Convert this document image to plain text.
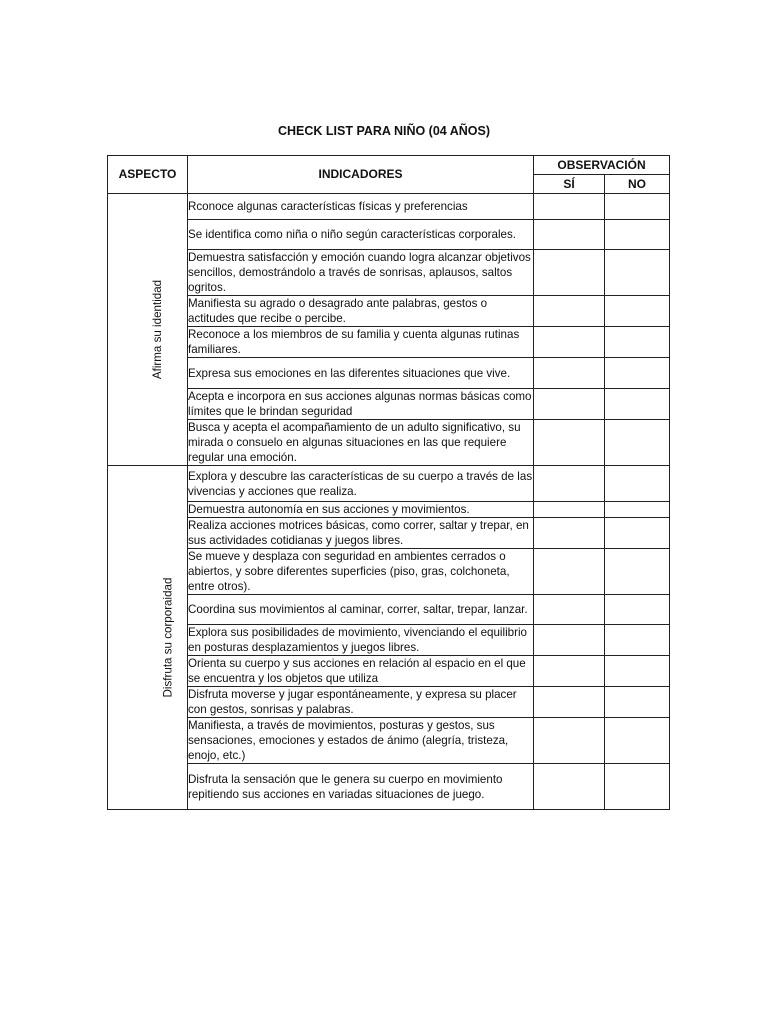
CHECK LIST PARA NIÑO (04 AÑOS)
ASPECTO	INDICADORES	OBSERVACIÓN	
		SÍ	NO
Afirma su identidad	Rconoce algunas características físicas y preferencias		
	Se identifica como niña o niño según características corporales.		
	Demuestra satisfacción y emoción cuando logra alcanzar objetivos sencillos, demostrándolo a través de sonrisas, aplausos, saltos ogritos.		
	Manifiesta su agrado o desagrado ante palabras, gestos o actitudes que recibe o percibe.		
	Reconoce a los miembros de su familia y cuenta algunas rutinas familiares.		
	Expresa sus emociones en las diferentes situaciones que vive.		
	Acepta e incorpora en sus acciones algunas normas básicas como límites que le brindan seguridad		
	Busca y acepta el acompañamiento de un adulto significativo, su mirada o consuelo en algunas situaciones en las que requiere regular una emoción.		
Disfruta su corporaidad	Explora y descubre las características de su cuerpo a través de las vivencias y acciones que realiza.		
	Demuestra autonomía en sus acciones y movimientos.		
	Realiza acciones motrices básicas, como correr, saltar y trepar, en sus actividades cotidianas y juegos libres.		
	Se mueve y desplaza con seguridad en ambientes cerrados o abiertos, y sobre diferentes superficies (piso, gras, colchoneta, entre otros).		
	Coordina sus movimientos al caminar, correr, saltar, trepar, lanzar.		
	Explora sus posibilidades de movimiento, vivenciando el equilibrio en posturas desplazamientos y juegos libres.		
	Orienta su cuerpo y sus acciones en relación al espacio en el que se encuentra y los objetos que utiliza		
	Disfruta moverse y jugar espontáneamente, y expresa su placer con gestos, sonrisas y palabras.		
	Manifiesta, a través de movimientos, posturas y gestos, sus sensaciones, emociones y estados de ánimo (alegría, tristeza, enojo, etc.)		
	Disfruta la sensación que le genera su cuerpo en movimiento repitiendo sus acciones en variadas situaciones de juego.		
